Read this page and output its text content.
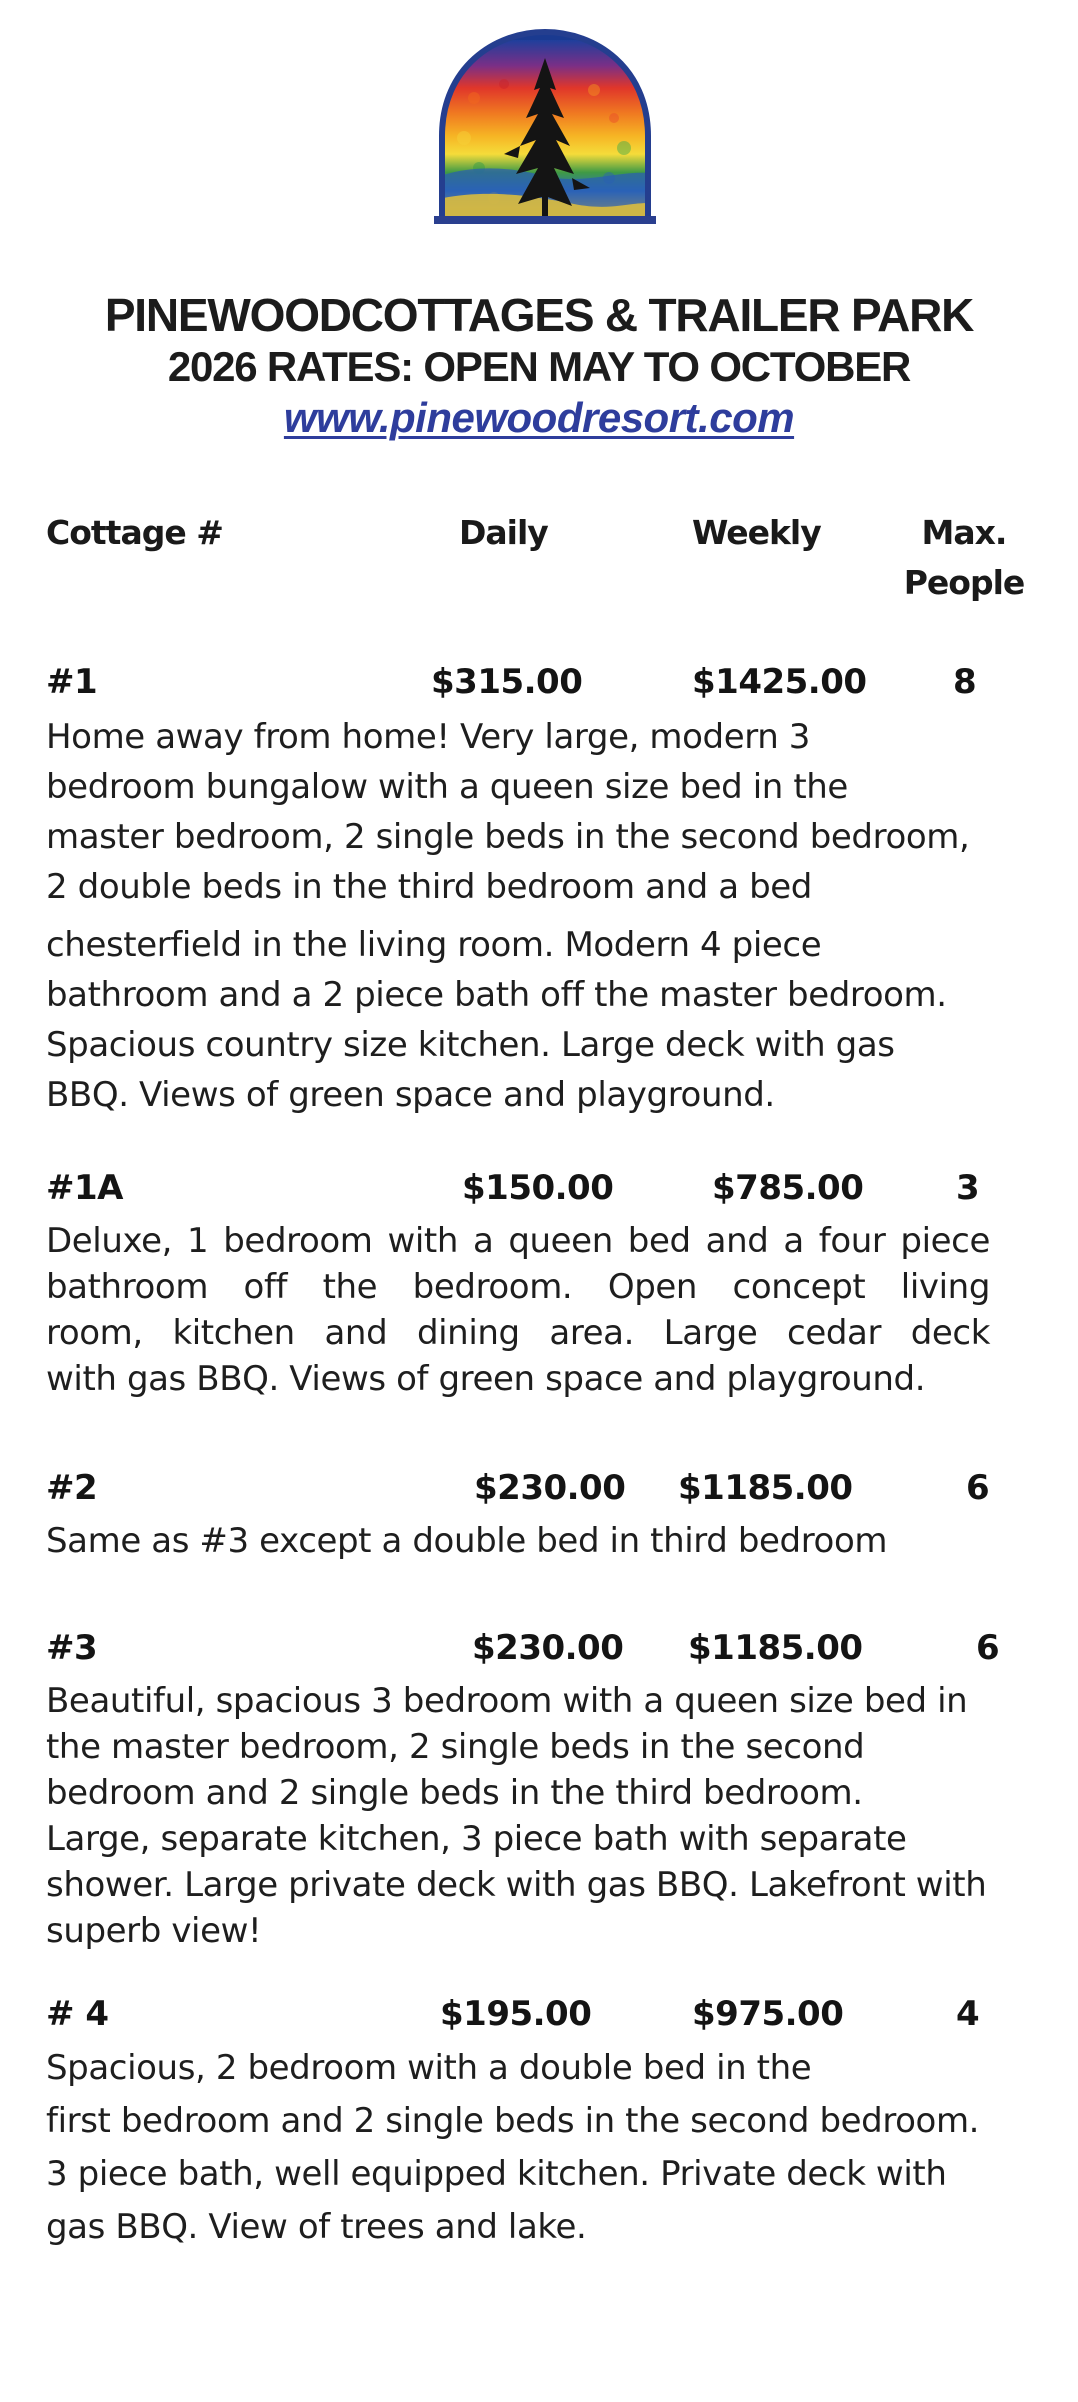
PINEWOODCOTTAGES & TRAILER PARK
2026 RATES: OPEN MAY TO OCTOBER
www.pinewoodresort.com
Cottage #	Daily	Weekly	Max.
People
#1	$315.00	$1425.00	8
Home away from home! Very large, modern 3
bedroom bungalow with a queen size bed in the
master bedroom, 2 single beds in the second bedroom,
2 double beds in the third bedroom and a bed
chesterfield in the living room. Modern 4 piece
bathroom and a 2 piece bath off the master bedroom.
Spacious country size kitchen. Large deck with gas
BBQ. Views of green space and playground.
#1A	$150.00	$785.00	3
Deluxe, 1 bedroom with a queen bed and a four piece
bathroom off the bedroom. Open concept living
room, kitchen and dining area. Large cedar deck
with gas BBQ. Views of green space and playground.
#2	$230.00 $1185.00	6
Same as #3 except a double bed in third bedroom
#3	$230.00 $1185.00	6
Beautiful, spacious 3 bedroom with a queen size bed in
the master bedroom, 2 single beds in the second
bedroom and 2 single beds in the third bedroom.
Large, separate kitchen, 3 piece bath with separate
shower. Large private deck with gas BBQ. Lakefront with
superb view!
# 4	$195.00	$975.00	4
Spacious, 2 bedroom with a double bed in the
first bedroom and 2 single beds in the second bedroom.
3 piece bath, well equipped kitchen. Private deck with
gas BBQ. View of trees and lake.
